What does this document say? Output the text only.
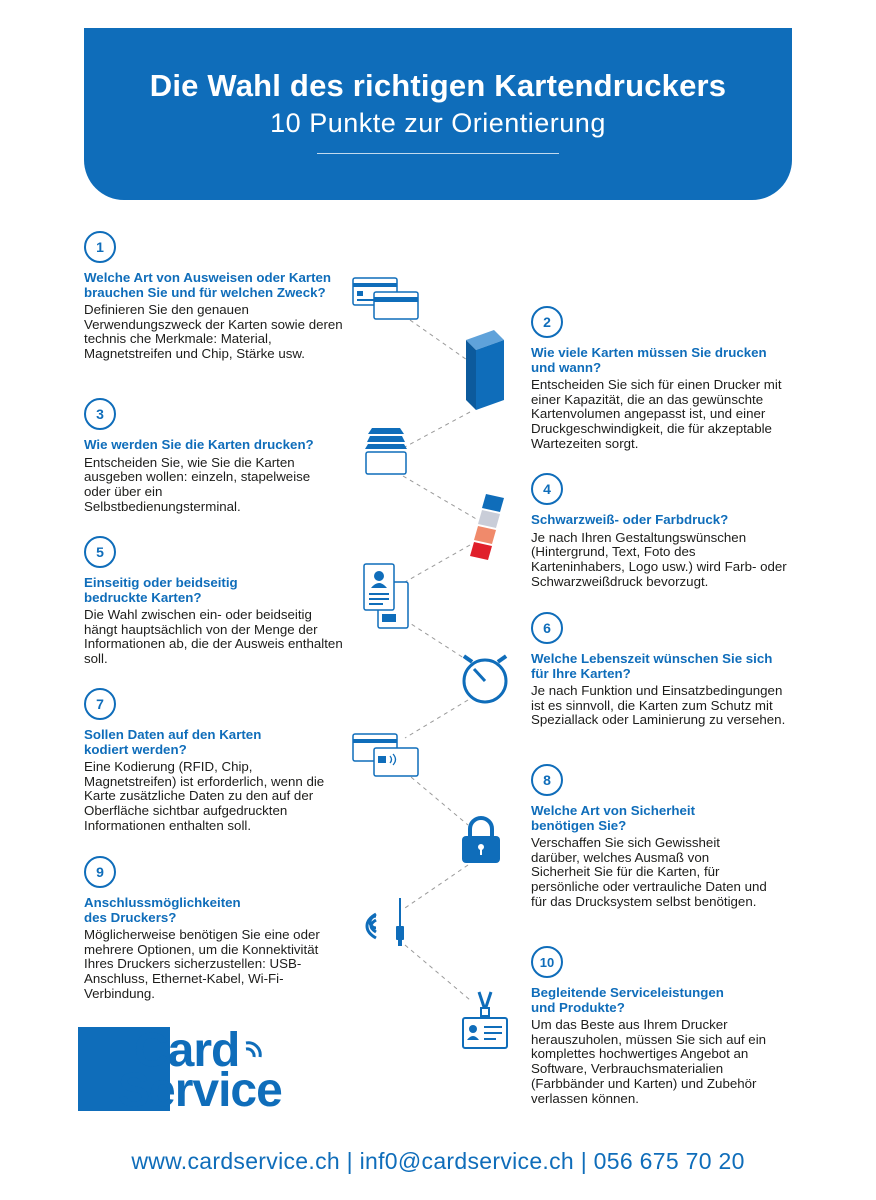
Die Wahl des richtigen Kartendruckers
10 Punkte zur Orientierung
1
Welche Art von Ausweisen oder Karten brauchen Sie und für welchen Zweck?
Definieren Sie den genauen Verwendungszweck der Karten sowie deren technis che Merkmale: Material, Magnetstreifen und Chip, Stärke usw.
2
Wie viele Karten müssen Sie drucken und wann?
Entscheiden Sie sich für einen Drucker mit einer Kapazität, die an das gewünschte Kartenvolumen angepasst ist, und einer Druckgeschwindigkeit, die für akzeptable Wartezeiten sorgt.
3
Wie werden Sie die Karten drucken?
Entscheiden Sie, wie Sie die Karten ausgeben wollen: einzeln, stapelweise oder über ein Selbstbedienungsterminal.
4
Schwarzweiß- oder Farbdruck?
Je nach Ihren Gestaltungswünschen (Hintergrund, Text, Foto des Karteninhabers, Logo usw.) wird Farb- oder Schwarzweißdruck bevorzugt.
5
Einseitig oder beidseitig bedruckte Karten?
Die Wahl zwischen ein- oder beidseitig hängt hauptsächlich von der Menge der Informationen ab, die der Ausweis enthalten soll.
6
Welche Lebenszeit wünschen Sie sich für Ihre Karten?
Je nach Funktion und Einsatzbedingungen ist es sinnvoll, die Karten zum Schutz mit Speziallack oder Laminierung zu versehen.
7
Sollen Daten auf den Karten kodiert werden?
Eine Kodierung (RFID, Chip, Magnetstreifen) ist erforderlich, wenn die Karte zusätzliche Daten zu den auf der Oberfläche sichtbar aufgedruckten Informationen enthalten soll.
8
Welche Art von Sicherheit benötigen Sie?
Verschaffen Sie sich Gewissheit darüber, welches Ausmaß von Sicherheit Sie für die Karten, für persönliche oder vertrauliche Daten und für das Drucksystem selbst benötigen.
9
Anschlussmöglichkeiten des Druckers?
Möglicherweise benötigen Sie eine oder mehrere Optionen, um die Konnektivität Ihres Druckers sicherzustellen: USB-Anschluss, Ethernet-Kabel, Wi-Fi-Verbindung.
10
Begleitende Serviceleistungen und Produkte?
Um das Beste aus Ihrem Drucker herauszuholen, müssen Sie sich auf ein komplettes hochwertiges Angebot an Software, Verbrauchsmaterialien (Farbbänder und Karten) und Zubehör verlassen können.
Card
Service
www.cardservice.ch | inf0@cardservice.ch | 056 675 70 20
